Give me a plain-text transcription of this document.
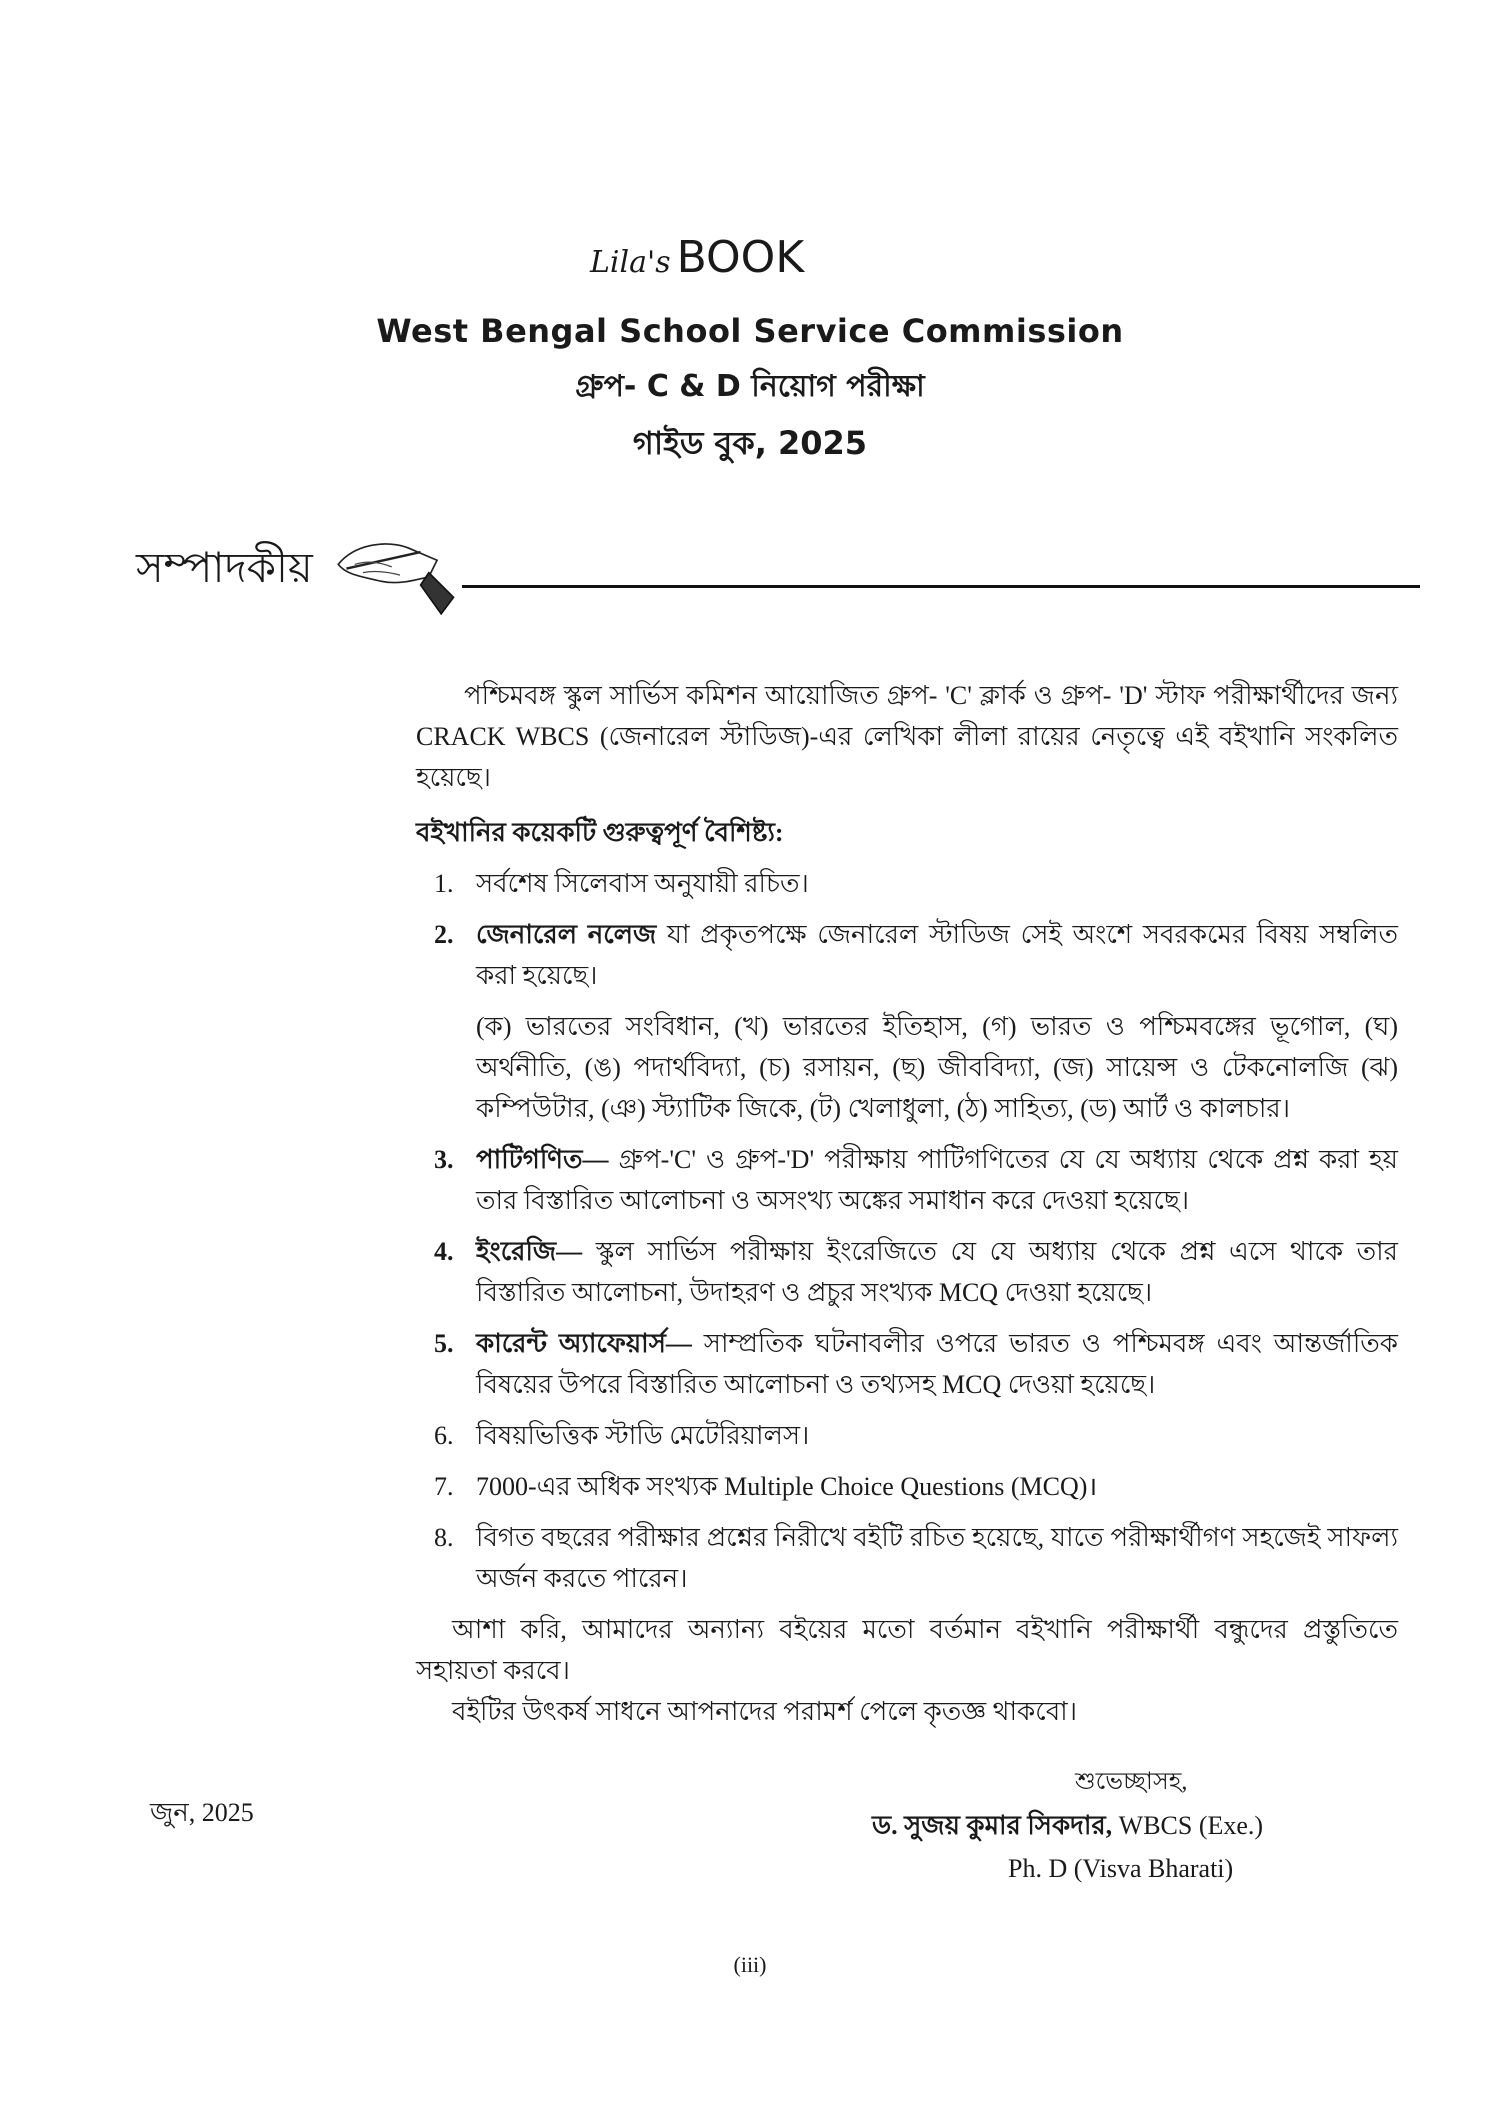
Lila's BOOK
West Bengal School Service Commission
গ্রুপ- C & D নিয়োগ পরীক্ষা
গাইড বুক, 2025
সম্পাদকীয়
পশ্চিমবঙ্গ স্কুল সার্ভিস কমিশন আয়োজিত গ্রুপ- 'C' ক্লার্ক ও গ্রুপ- 'D' স্টাফ পরীক্ষার্থীদের জন্য CRACK WBCS (জেনারেল স্টাডিজ)-এর লেখিকা লীলা রায়ের নেতৃত্বে এই বইখানি সংকলিত হয়েছে।
বইখানির কয়েকটি গুরুত্বপূর্ণ বৈশিষ্ট্য:
1. সর্বশেষ সিলেবাস অনুযায়ী রচিত।
2. জেনারেল নলেজ যা প্রকৃতপক্ষে জেনারেল স্টাডিজ সেই অংশে সবরকমের বিষয় সম্বলিত করা হয়েছে।
(ক) ভারতের সংবিধান, (খ) ভারতের ইতিহাস, (গ) ভারত ও পশ্চিমবঙ্গের ভূগোল, (ঘ) অর্থনীতি, (ঙ) পদার্থবিদ্যা, (চ) রসায়ন, (ছ) জীববিদ্যা, (জ) সায়েন্স ও টেকনোলজি (ঝ) কম্পিউটার, (ঞ) স্ট্যাটিক জিকে, (ট) খেলাধুলা, (ঠ) সাহিত্য, (ড) আর্ট ও কালচার।
3. পাটিগণিত— গ্রুপ-'C' ও গ্রুপ-'D' পরীক্ষায় পাটিগণিতের যে যে অধ্যায় থেকে প্রশ্ন করা হয় তার বিস্তারিত আলোচনা ও অসংখ্য অঙ্কের সমাধান করে দেওয়া হয়েছে।
4. ইংরেজি— স্কুল সার্ভিস পরীক্ষায় ইংরেজিতে যে যে অধ্যায় থেকে প্রশ্ন এসে থাকে তার বিস্তারিত আলোচনা, উদাহরণ ও প্রচুর সংখ্যক MCQ দেওয়া হয়েছে।
5. কারেন্ট অ্যাফেয়ার্স— সাম্প্রতিক ঘটনাবলীর ওপরে ভারত ও পশ্চিমবঙ্গ এবং আন্তর্জাতিক বিষয়ের উপরে বিস্তারিত আলোচনা ও তথ্যসহ MCQ দেওয়া হয়েছে।
6. বিষয়ভিত্তিক স্টাডি মেটেরিয়ালস।
7. 7000-এর অধিক সংখ্যক Multiple Choice Questions (MCQ)।
8. বিগত বছরের পরীক্ষার প্রশ্নের নিরীখে বইটি রচিত হয়েছে, যাতে পরীক্ষার্থীগণ সহজেই সাফল্য অর্জন করতে পারেন।
আশা করি, আমাদের অন্যান্য বইয়ের মতো বর্তমান বইখানি পরীক্ষার্থী বন্ধুদের প্রস্তুতিতে সহায়তা করবে।
বইটির উৎকর্ষ সাধনে আপনাদের পরামর্শ পেলে কৃতজ্ঞ থাকবো।
শুভেচ্ছাসহ,
জুন, 2025	ড. সুজয় কুমার সিকদার, WBCS (Exe.)
Ph. D (Visva Bharati)
(iii)
